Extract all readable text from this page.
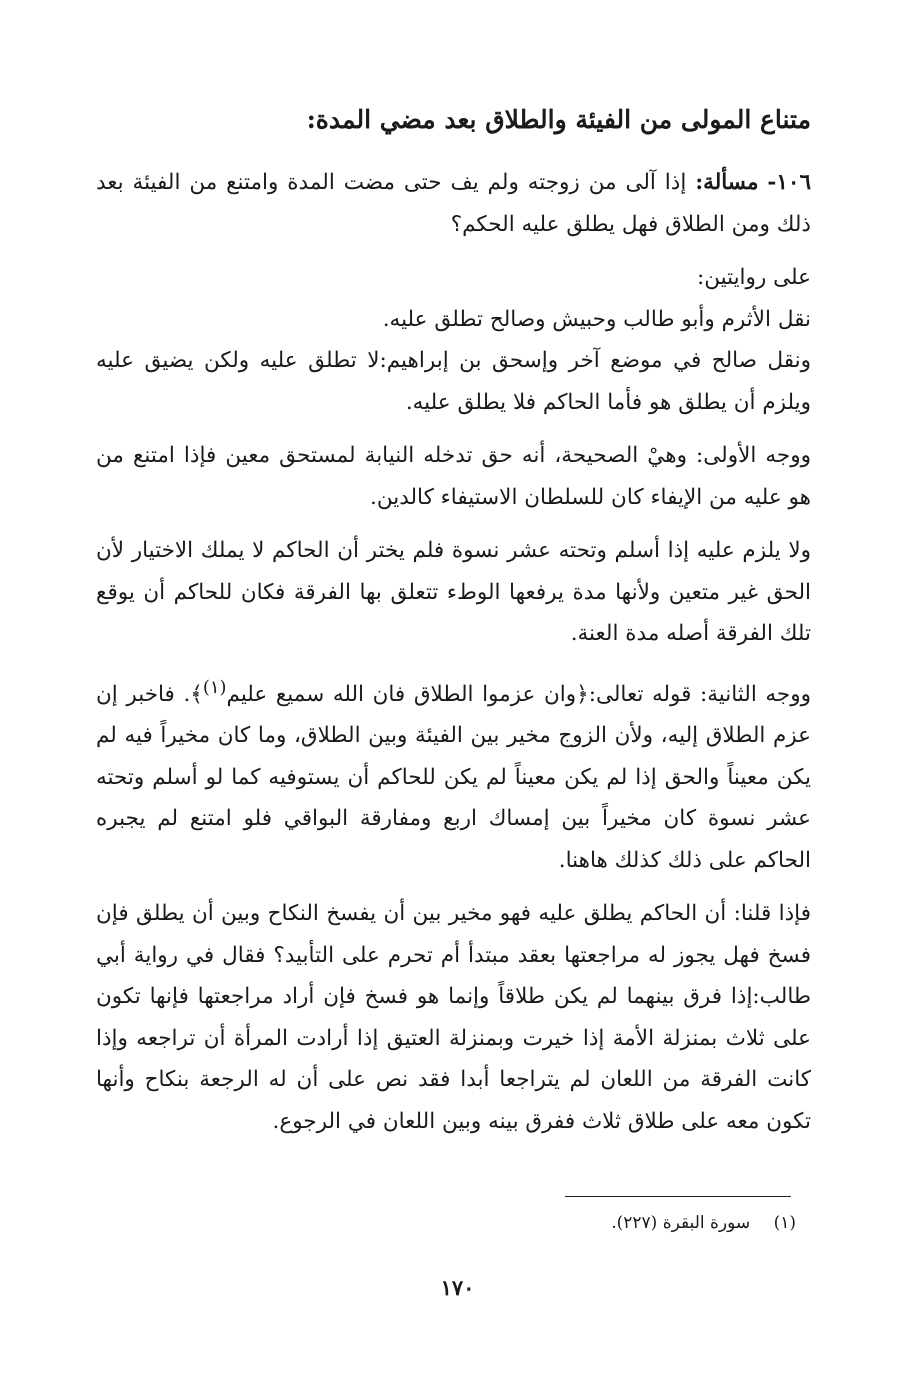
متناع المولى من الفيئة والطلاق بعد مضي المدة:

١٠٦- مسألة: إذا آلى من زوجته ولم يف حتى مضت المدة وامتنع من الفيئة بعد ذلك ومن الطلاق فهل يطلق عليه الحكم؟

على روايتين:

نقل الأثرم وأبو طالب وحبيش وصالح تطلق عليه.

ونقل صالح في موضع آخر وإسحق بن إبراهيم:لا تطلق عليه ولكن يضيق عليه ويلزم أن يطلق هو فأما الحاكم فلا يطلق عليه.

ووجه الأولى: وهيْ الصحيحة، أنه حق تدخله النيابة لمستحق معين فإذا امتنع من هو عليه من الإيفاء كان للسلطان الاستيفاء كالدين.

ولا يلزم عليه إذا أسلم وتحته عشر نسوة فلم يختر أن الحاكم لا يملك الاختيار لأن الحق غير متعين ولأنها مدة يرفعها الوطء تتعلق بها الفرقة فكان للحاكم أن يوقع تلك الفرقة أصله مدة العنة.

ووجه الثانية: قوله تعالى:﴿وان عزموا الطلاق فان الله سميع عليم$^{(١)}$﴾. فاخبر إن عزم الطلاق إليه، ولأن الزوج مخير بين الفيئة وبين الطلاق، وما كان مخيراً فيه لم يكن معيناً والحق إذا لم يكن معيناً لم يكن للحاكم أن يستوفيه كما لو أسلم وتحته عشر نسوة كان مخيراً بين إمساك اربع ومفارقة البواقي فلو امتنع لم يجبره الحاكم على ذلك كذلك هاهنا.

فإذا قلنا: أن الحاكم يطلق عليه فهو مخير بين أن يفسخ النكاح وبين أن يطلق فإن فسخ فهل يجوز له مراجعتها بعقد مبتدأ أم تحرم على التأبيد؟ فقال في رواية أبي طالب:إذا فرق بينهما لم يكن طلاقاً وإنما هو فسخ فإن أراد مراجعتها فإنها تكون على ثلاث بمنزلة الأمة إذا خيرت وبمنزلة العتيق إذا أرادت المرأة أن تراجعه وإذا كانت الفرقة من اللعان لم يتراجعا أبدا فقد نص على أن له الرجعة بنكاح وأنها تكون معه على طلاق ثلاث ففرق بينه وبين اللعان في الرجوع.

(١) سورة البقرة (٢٢٧).
١٧٠
